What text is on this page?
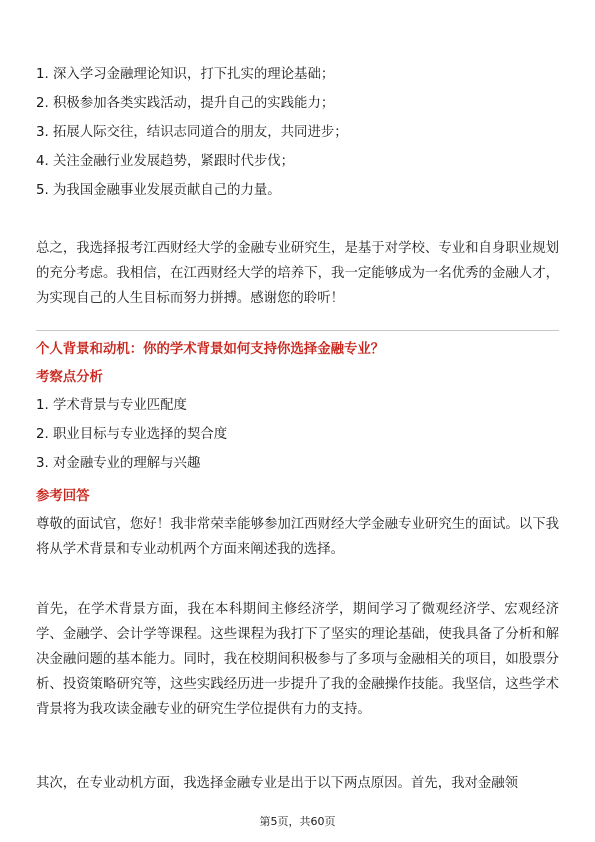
1. 深入学习金融理论知识，打下扎实的理论基础；
2. 积极参加各类实践活动，提升自己的实践能力；
3. 拓展人际交往，结识志同道合的朋友，共同进步；
4. 关注金融行业发展趋势，紧跟时代步伐；
5. 为我国金融事业发展贡献自己的力量。

总之，我选择报考江西财经大学的金融专业研究生，是基于对学校、专业和自身职业规划的充分考虑。我相信，在江西财经大学的培养下，我一定能够成为一名优秀的金融人才，为实现自己的人生目标而努力拼搏。感谢您的聆听！

个人背景和动机：你的学术背景如何支持你选择金融专业？
考察点分析
1. 学术背景与专业匹配度
2. 职业目标与专业选择的契合度
3. 对金融专业的理解与兴趣
参考回答

尊敬的面试官，您好！我非常荣幸能够参加江西财经大学金融专业研究生的面试。以下我将从学术背景和专业动机两个方面来阐述我的选择。

首先，在学术背景方面，我在本科期间主修经济学，期间学习了微观经济学、宏观经济学、金融学、会计学等课程。这些课程为我打下了坚实的理论基础，使我具备了分析和解决金融问题的基本能力。同时，我在校期间积极参与了多项与金融相关的项目，如股票分析、投资策略研究等，这些实践经历进一步提升了我的金融操作技能。我坚信，这些学术背景将为我攻读金融专业的研究生学位提供有力的支持。

其次，在专业动机方面，我选择金融专业是出于以下两点原因。首先，我对金融领

第5页，共60页
